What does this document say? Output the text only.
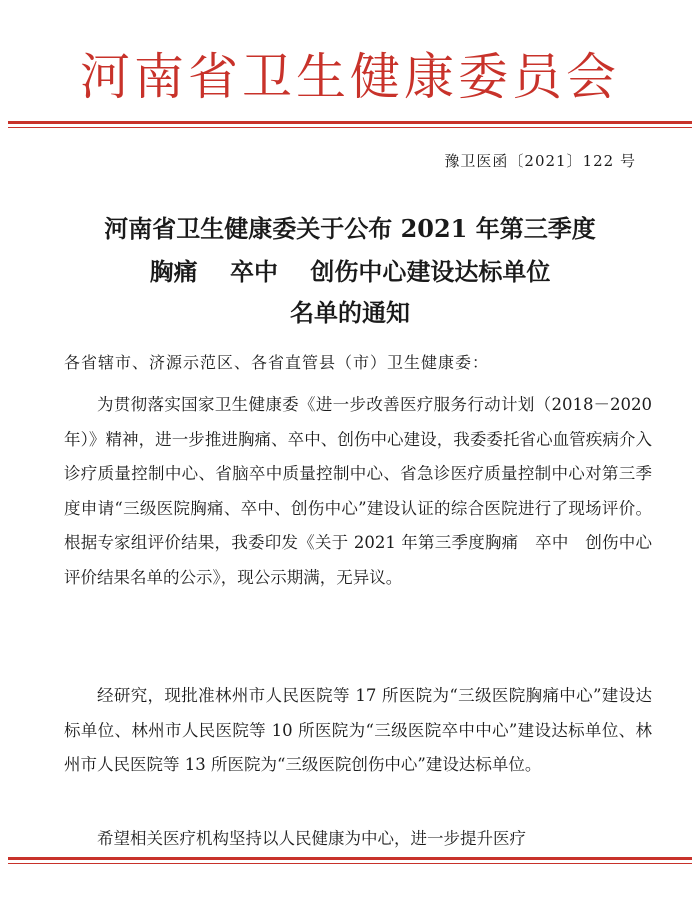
河南省卫生健康委员会
豫卫医函〔2021〕122 号
河南省卫生健康委关于公布 2021 年第三季度
胸痛　 卒中　 创伤中心建设达标单位
名单的通知
各省辖市、济源示范区、各省直管县（市）卫生健康委：

为贯彻落实国家卫生健康委《进一步改善医疗服务行动计划（2018－2020 年）》精神，进一步推进胸痛、卒中、创伤中心建设，我委委托省心血管疾病介入诊疗质量控制中心、省脑卒中质量控制中心、省急诊医疗质量控制中心对第三季度申请“三级医院胸痛、卒中、创伤中心”建设认证的综合医院进行了现场评价。根据专家组评价结果，我委印发《关于 2021 年第三季度胸痛　卒中　创伤中心评价结果名单的公示》，现公示期满，无异议。

经研究，现批准林州市人民医院等 17 所医院为“三级医院胸痛中心”建设达标单位、林州市人民医院等 10 所医院为“三级医院卒中中心”建设达标单位、林州市人民医院等 13 所医院为“三级医院创伤中心”建设达标单位。

希望相关医疗机构坚持以人民健康为中心，进一步提升医疗
